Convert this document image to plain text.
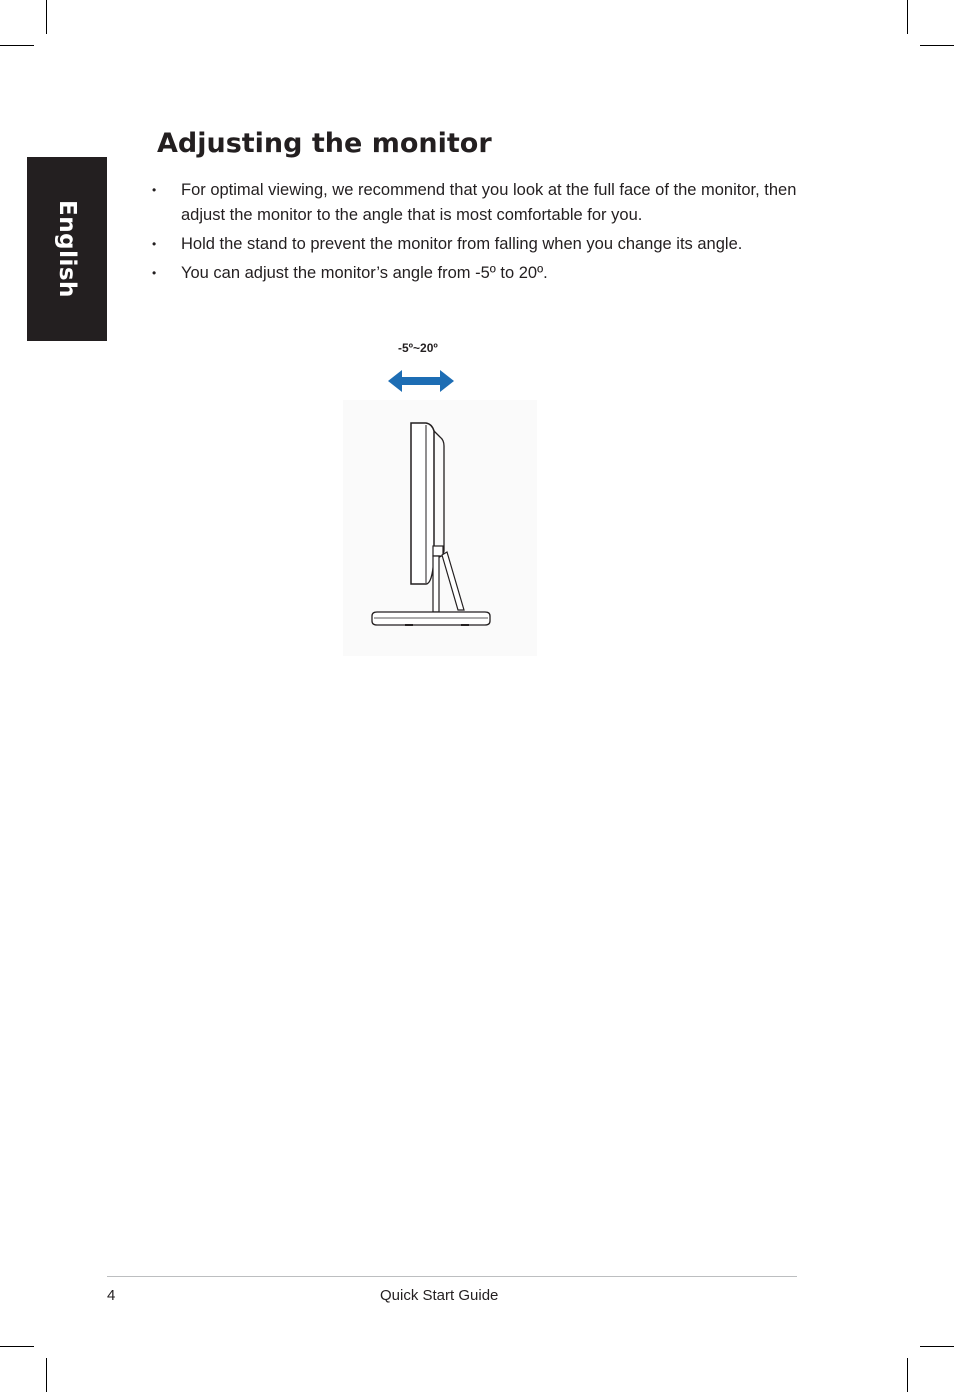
English
Adjusting the monitor
• For optimal viewing, we recommend that you look at the full face of the monitor, then adjust the monitor to the angle that is most comfortable for you.
• Hold the stand to prevent the monitor from falling when you change its angle.
• You can adjust the monitor’s angle from -5º to 20º.
-5º~20º
4	Quick Start Guide
